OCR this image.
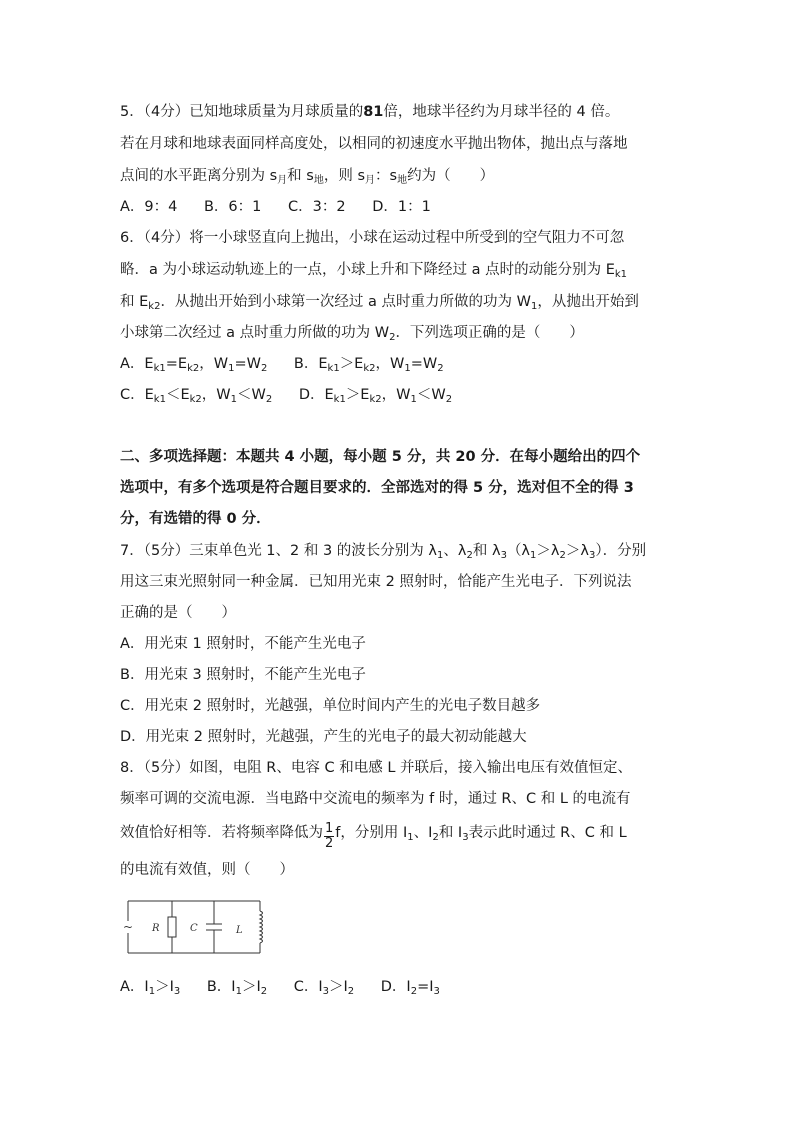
5．（4分）已知地球质量为月球质量的81倍，地球半径约为月球半径的 4 倍。
若在月球和地球表面同样高度处，以相同的初速度水平抛出物体，抛出点与落地
点间的水平距离分别为 $s_月$和 $s_地$，则 $s_月$：$s_地$约为（　　）
A．9：4 B．6：1 C．3：2 D．1：1
6．（4分）将一小球竖直向上抛出，小球在运动过程中所受到的空气阻力不可忽
略．a 为小球运动轨迹上的一点，小球上升和下降经过 a 点时的动能分别为 $E_{k1}$
和 $E_{k2}$．从抛出开始到小球第一次经过 a 点时重力所做的功为 $W_1$，从抛出开始到
小球第二次经过 a 点时重力所做的功为 $W_2$．下列选项正确的是（　　）
A．$E_{k1}=E_{k2}$，$W_1=W_2$ B．$E_{k1}>E_{k2}$，$W_1=W_2$
C．$E_{k1}<E_{k2}$，$W_1<W_2$ D．$E_{k1}>E_{k2}$，$W_1<W_2$
二、多项选择题：本题共 4 小题，每小题 5 分，共 20 分．在每小题给出的四个
选项中，有多个选项是符合题目要求的．全部选对的得 5 分，选对但不全的得 3
分，有选错的得 0 分．
7．（5分）三束单色光 1、2 和 3 的波长分别为 $\lambda_1$、$\lambda_2$和 $\lambda_3(\lambda_1>\lambda_2>\lambda_3)$．分别
用这三束光照射同一种金属．已知用光束 2 照射时，恰能产生光电子．下列说法
正确的是（　　）
A．用光束 1 照射时，不能产生光电子
B．用光束 3 照射时，不能产生光电子
C．用光束 2 照射时，光越强，单位时间内产生的光电子数目越多
D．用光束 2 照射时，光越强，产生的光电子的最大初动能越大
8．（5分）如图，电阻 R、电容 C 和电感 L 并联后，接入输出电压有效值恒定、
频率可调的交流电源．当电路中交流电的频率为 f 时，通过 R、C 和 L 的电流有
效值恰好相等．若将频率降低为 $\frac{1}{2}$ f，分别用 $I_1$、$I_2$和 $I_3$表示此时通过 R、C 和 L
的电流有效值，则（　　）
~ R	C	L
A．$I_1>I_3$ B．$I_1>I_2$ C．$I_3>I_2$ D．$I_2=I_3$
